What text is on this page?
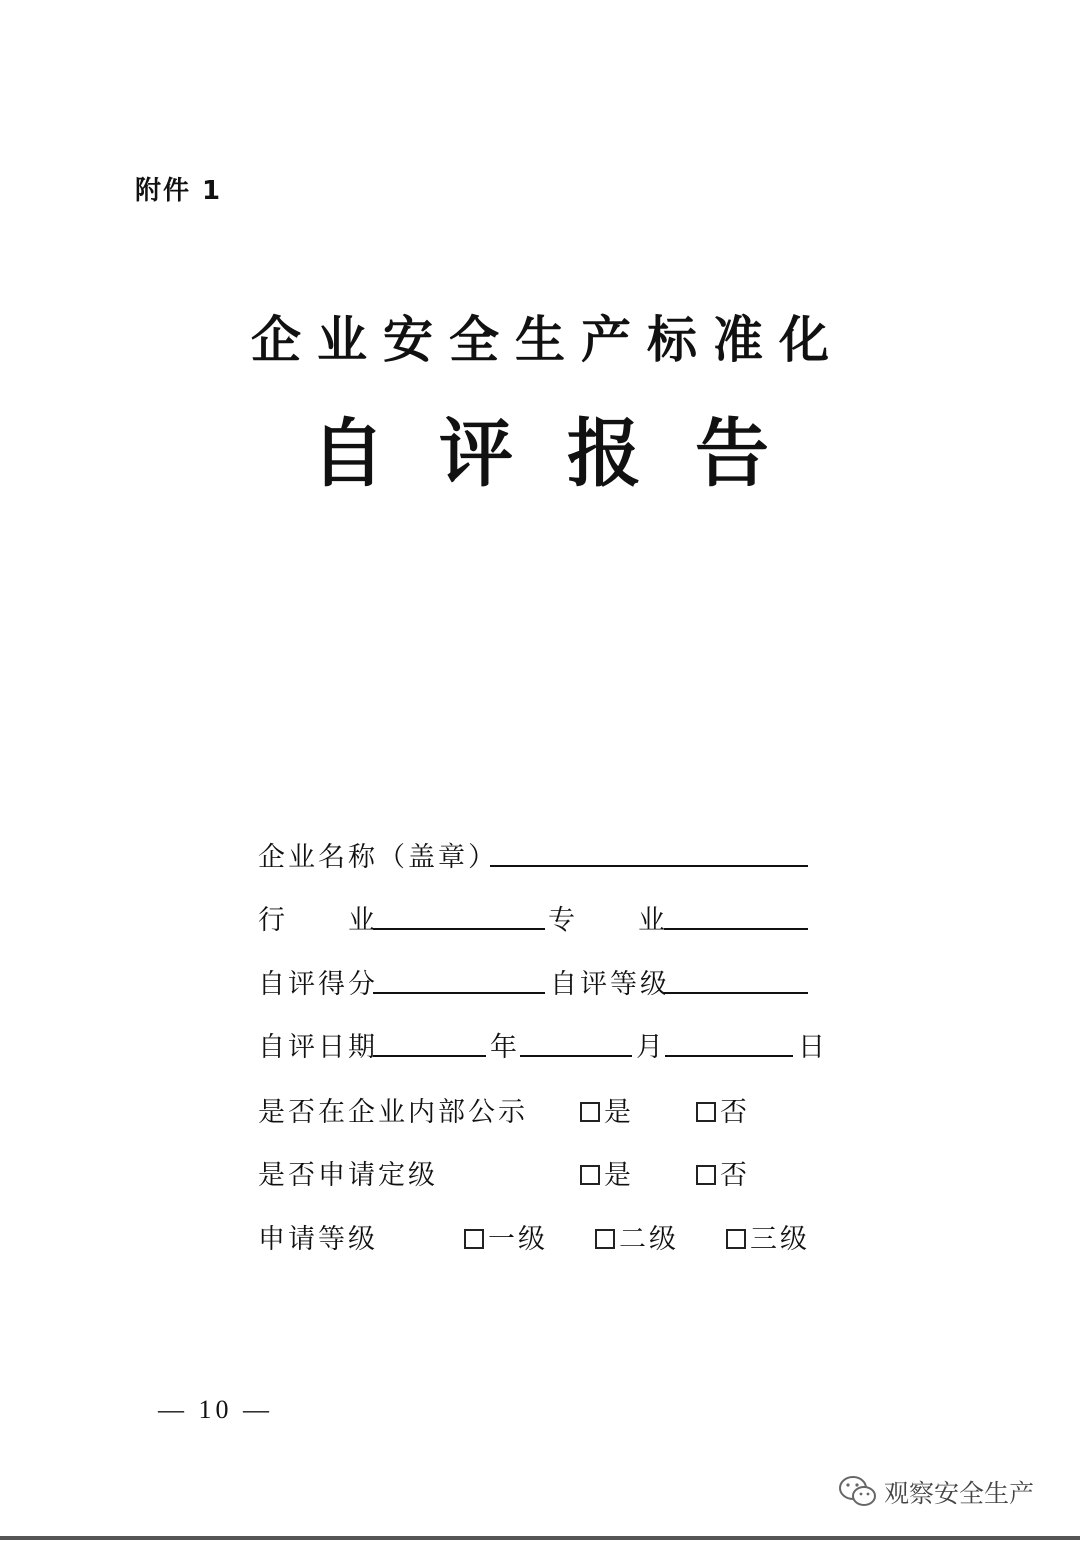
附件 1
企业安全生产标准化
自评报告
企业名称（盖章）
行　　业	专　　业
自评得分	自评等级
自评日期	年	月	日
是否在企业内部公示	是	否
是否申请定级	是	否
申请等级	一级	二级	三级
— 10 —
观察安全生产
